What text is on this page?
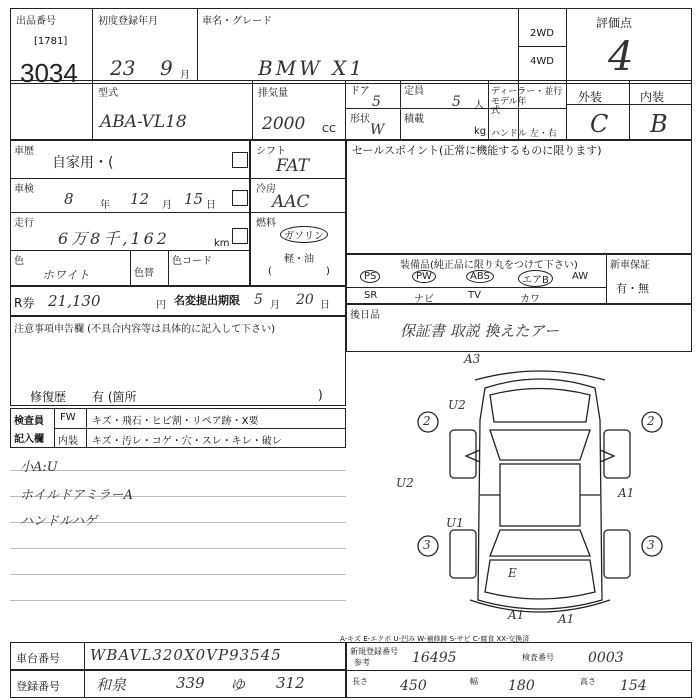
出品番号
[1781]
3034
初度登録年月
23 9 月
車名・グレード
BMW X1
2WD
4WD
評価点
4
型式
ABA-VL18
排気量
2000 CC
ドア
5
定員
5 人
形状
W
積載
kg
ディーラー・並行
モデル年式
ハンドル 左・右
外装	内装
C B
車歴
自家用・(
車検
8	年 12 月 15 日
走行
6万8千,162	km
色
ホワイト	色替
色コード
シフト
FAT
冷房
AAC
燃料
ガソリン
軽・油
(	)
セールスポイント(正常に機能するものに限ります)
装備品(純正品に限り丸をつけて下さい)	新車保証
有・無
PS	PW	ABS	エアB	AW
SR	ナビ	TV	カワ
R券 21,130	円 名変提出期限 5 月 20 日
後日品
保証書 取説 換えたアー
注意事項申告欄 (不具合内容等は具体的に記入して下さい)
修復歴 有 (箇所	)
検査員
記入欄
FW キズ・飛石・ヒビ割・リペア跡・X要
内装 キズ・汚レ・コゲ・穴・スレ・キレ・破レ
小A:U
ホイルドアミラーA
ハンドルハゲ
A3
U2
2	2
U2
A1
U1
3	3
E
A1	A1
A-キズ E-エクボ U-凹み W-補修跡 S-サビ C-腐食 XX-交換済
車台番号 WBAVL320X0VP93545
登録番号 和泉	339 ゆ 312
新規登録番号
参考	16495	検査番号 0003
長さ 450	幅 180	高さ 154
